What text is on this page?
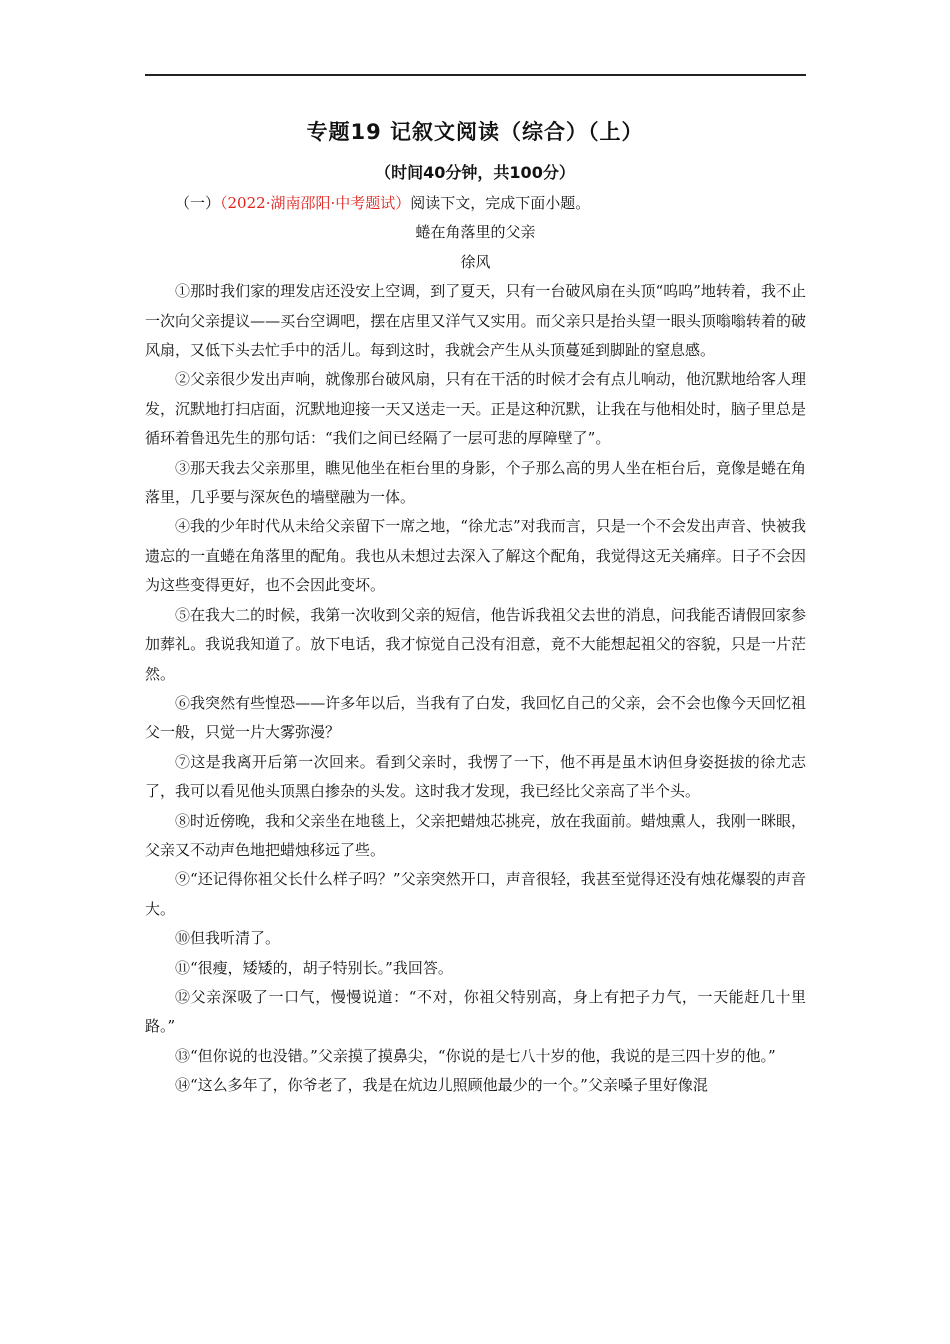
专题19 记叙文阅读（综合）（上）
（时间40分钟，共100分）

（一）（2022·湖南邵阳·中考题试）阅读下文，完成下面小题。

蜷在角落里的父亲

徐风

①那时我们家的理发店还没安上空调，到了夏天，只有一台破风扇在头顶“呜呜”地转着，我不止一次向父亲提议——买台空调吧，摆在店里又洋气又实用。而父亲只是抬头望一眼头顶嗡嗡转着的破风扇，又低下头去忙手中的活儿。每到这时，我就会产生从头顶蔓延到脚趾的窒息感。

②父亲很少发出声响，就像那台破风扇，只有在干活的时候才会有点儿响动，他沉默地给客人理发，沉默地打扫店面，沉默地迎接一天又送走一天。正是这种沉默，让我在与他相处时，脑子里总是循环着鲁迅先生的那句话：“我们之间已经隔了一层可悲的厚障壁了”。

③那天我去父亲那里，瞧见他坐在柜台里的身影，个子那么高的男人坐在柜台后，竟像是蜷在角落里，几乎要与深灰色的墙壁融为一体。

④我的少年时代从未给父亲留下一席之地，“徐尤志”对我而言，只是一个不会发出声音、快被我遗忘的一直蜷在角落里的配角。我也从未想过去深入了解这个配角，我觉得这无关痛痒。日子不会因为这些变得更好，也不会因此变坏。

⑤在我大二的时候，我第一次收到父亲的短信，他告诉我祖父去世的消息，问我能否请假回家参加葬礼。我说我知道了。放下电话，我才惊觉自己没有泪意，竟不大能想起祖父的容貌，只是一片茫然。

⑥我突然有些惶恐——许多年以后，当我有了白发，我回忆自己的父亲，会不会也像今天回忆祖父一般，只觉一片大雾弥漫？

⑦这是我离开后第一次回来。看到父亲时，我愣了一下，他不再是虽木讷但身姿挺拔的徐尤志了，我可以看见他头顶黑白掺杂的头发。这时我才发现，我已经比父亲高了半个头。

⑧时近傍晚，我和父亲坐在地毯上，父亲把蜡烛芯挑亮，放在我面前。蜡烛熏人，我刚一眯眼，父亲又不动声色地把蜡烛移远了些。

⑨“还记得你祖父长什么样子吗？”父亲突然开口，声音很轻，我甚至觉得还没有烛花爆裂的声音大。

⑩但我听清了。

⑪“很瘦，矮矮的，胡子特别长。”我回答。

⑫父亲深吸了一口气，慢慢说道：“不对，你祖父特别高，身上有把子力气，一天能赶几十里路。”

⑬“但你说的也没错。”父亲摸了摸鼻尖，“你说的是七八十岁的他，我说的是三四十岁的他。”

⑭“这么多年了，你爷老了，我是在炕边儿照顾他最少的一个。”父亲嗓子里好像混
